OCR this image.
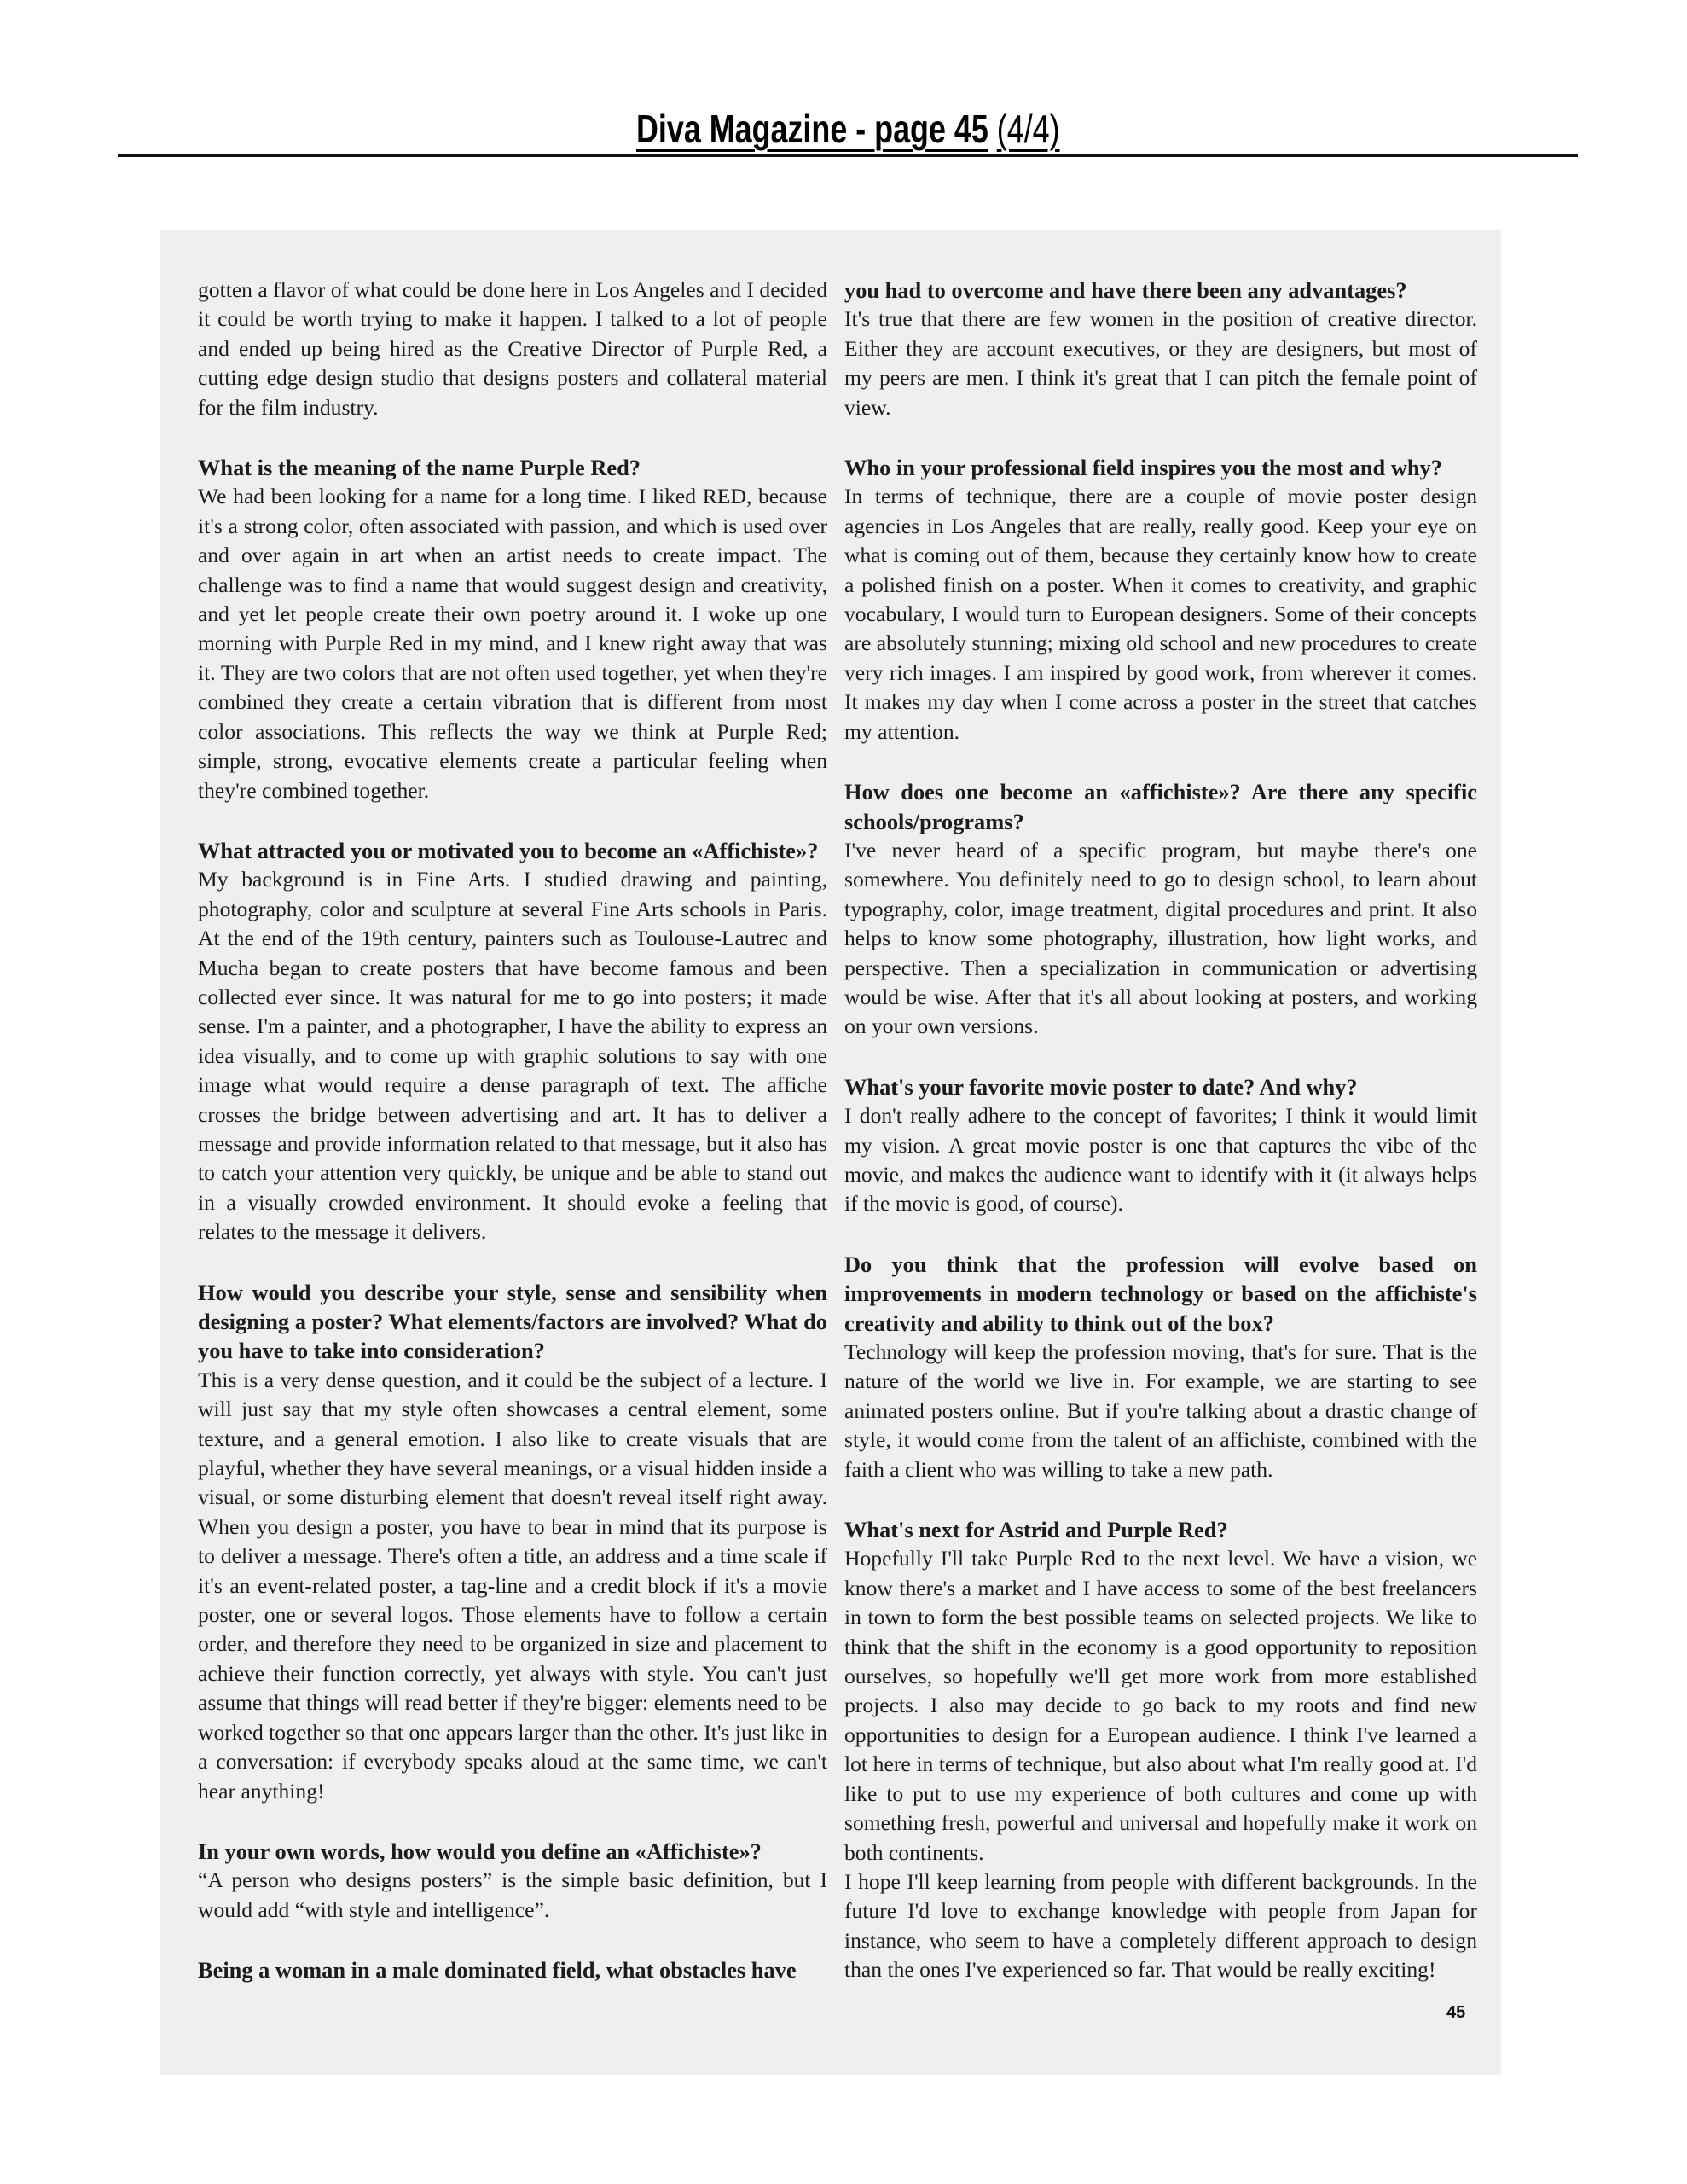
Diva Magazine - page 45 (4/4)

gotten a flavor of what could be done here in Los Angeles and I decided it could be worth trying to make it happen. I talked to a lot of people and ended up being hired as the Creative Director of Purple Red, a cutting edge design studio that designs posters and collateral material for the film industry.

What is the meaning of the name Purple Red?

We had been looking for a name for a long time. I liked RED, because it's a strong color, often associated with passion, and which is used over and over again in art when an artist needs to create impact. The challenge was to find a name that would suggest design and creativity, and yet let people create their own poetry around it. I woke up one morning with Purple Red in my mind, and I knew right away that was it. They are two colors that are not often used together, yet when they're combined they create a certain vibration that is different from most color associations. This reflects the way we think at Purple Red; simple, strong, evocative elements create a particular feeling when they're combined together.

What attracted you or motivated you to become an «Affichiste»?

My background is in Fine Arts. I studied drawing and painting, photography, color and sculpture at several Fine Arts schools in Paris. At the end of the 19th century, painters such as Toulouse-Lautrec and Mucha began to create posters that have become famous and been collected ever since. It was natural for me to go into posters; it made sense. I'm a painter, and a photographer, I have the ability to express an idea visually, and to come up with graphic solutions to say with one image what would require a dense paragraph of text. The affiche crosses the bridge between advertising and art. It has to deliver a message and provide information related to that message, but it also has to catch your attention very quickly, be unique and be able to stand out in a visually crowded environment. It should evoke a feeling that relates to the message it delivers.

How would you describe your style, sense and sensibility when designing a poster? What elements/factors are involved? What do you have to take into consideration?

This is a very dense question, and it could be the subject of a lecture. I will just say that my style often showcases a central element, some texture, and a general emotion. I also like to create visuals that are playful, whether they have several meanings, or a visual hidden inside a visual, or some disturbing element that doesn't reveal itself right away. When you design a poster, you have to bear in mind that its purpose is to deliver a message. There's often a title, an address and a time scale if it's an event-related poster, a tag-line and a credit block if it's a movie poster, one or several logos. Those elements have to follow a certain order, and therefore they need to be organized in size and placement to achieve their function correctly, yet always with style. You can't just assume that things will read better if they're bigger: elements need to be worked together so that one appears larger than the other. It's just like in a conversation: if everybody speaks aloud at the same time, we can't hear anything!

In your own words, how would you define an «Affichiste»?

“A person who designs posters” is the simple basic definition, but I would add “with style and intelligence”.

Being a woman in a male dominated field, what obstacles have

you had to overcome and have there been any advantages?

It's true that there are few women in the position of creative director. Either they are account executives, or they are designers, but most of my peers are men. I think it's great that I can pitch the female point of view.

Who in your professional field inspires you the most and why?

In terms of technique, there are a couple of movie poster design agencies in Los Angeles that are really, really good. Keep your eye on what is coming out of them, because they certainly know how to create a polished finish on a poster. When it comes to creativity, and graphic vocabulary, I would turn to European designers. Some of their concepts are absolutely stunning; mixing old school and new procedures to create very rich images. I am inspired by good work, from wherever it comes. It makes my day when I come across a poster in the street that catches my attention.

How does one become an «affichiste»? Are there any specific schools/programs?

I've never heard of a specific program, but maybe there's one somewhere. You definitely need to go to design school, to learn about typography, color, image treatment, digital procedures and print. It also helps to know some photography, illustration, how light works, and perspective. Then a specialization in communication or advertising would be wise. After that it's all about looking at posters, and working on your own versions.

What's your favorite movie poster to date? And why?

I don't really adhere to the concept of favorites; I think it would limit my vision. A great movie poster is one that captures the vibe of the movie, and makes the audience want to identify with it (it always helps if the movie is good, of course).

Do you think that the profession will evolve based on improvements in modern technology or based on the affichiste's creativity and ability to think out of the box?

Technology will keep the profession moving, that's for sure. That is the nature of the world we live in. For example, we are starting to see animated posters online. But if you're talking about a drastic change of style, it would come from the talent of an affichiste, combined with the faith a client who was willing to take a new path.

What's next for Astrid and Purple Red?

Hopefully I'll take Purple Red to the next level. We have a vision, we know there's a market and I have access to some of the best freelancers in town to form the best possible teams on selected projects. We like to think that the shift in the economy is a good opportunity to reposition ourselves, so hopefully we'll get more work from more established projects. I also may decide to go back to my roots and find new opportunities to design for a European audience. I think I've learned a lot here in terms of technique, but also about what I'm really good at. I'd like to put to use my experience of both cultures and come up with something fresh, powerful and universal and hopefully make it work on both continents.

I hope I'll keep learning from people with different backgrounds. In the future I'd love to exchange knowledge with people from Japan for instance, who seem to have a completely different approach to design than the ones I've experienced so far. That would be really exciting!

45
